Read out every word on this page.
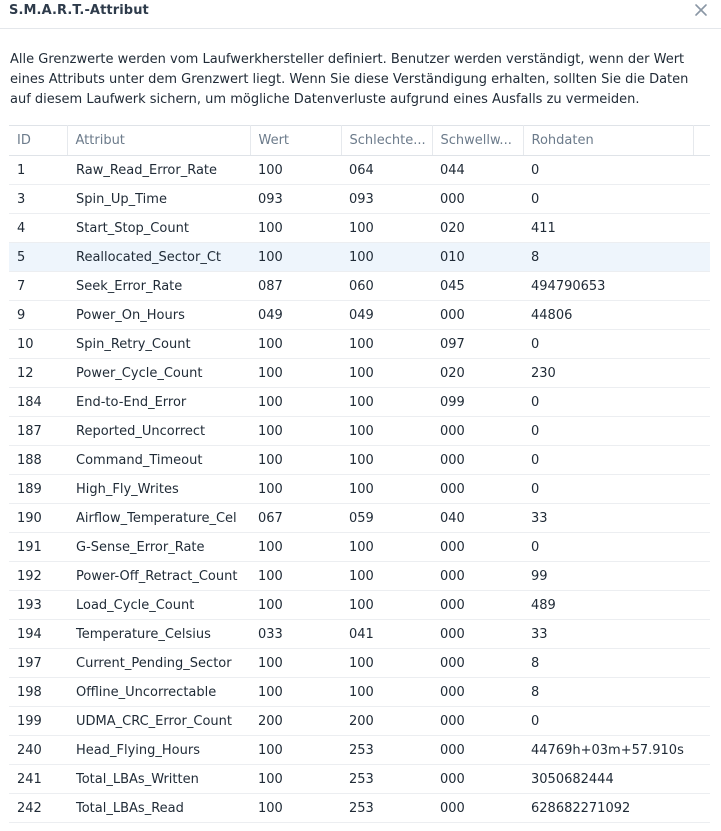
S.M.A.R.T.-Attribut
Alle Grenzwerte werden vom Laufwerkhersteller definiert. Benutzer werden verständigt, wenn der Wert eines Attributs unter dem Grenzwert liegt. Wenn Sie diese Verständigung erhalten, sollten Sie die Daten auf diesem Laufwerk sichern, um mögliche Datenverluste aufgrund eines Ausfalls zu vermeiden.
ID	Attribut	Wert	Schlechte...	Schwellw...	Rohdaten	
1	Raw_Read_Error_Rate	100	064	044	0	
3	Spin_Up_Time	093	093	000	0	
4	Start_Stop_Count	100	100	020	411	
5	Reallocated_Sector_Ct	100	100	010	8	
7	Seek_Error_Rate	087	060	045	494790653	
9	Power_On_Hours	049	049	000	44806	
10	Spin_Retry_Count	100	100	097	0	
12	Power_Cycle_Count	100	100	020	230	
184	End-to-End_Error	100	100	099	0	
187	Reported_Uncorrect	100	100	000	0	
188	Command_Timeout	100	100	000	0	
189	High_Fly_Writes	100	100	000	0	
190	Airflow_Temperature_Cel	067	059	040	33	
191	G-Sense_Error_Rate	100	100	000	0	
192	Power-Off_Retract_Count	100	100	000	99	
193	Load_Cycle_Count	100	100	000	489	
194	Temperature_Celsius	033	041	000	33	
197	Current_Pending_Sector	100	100	000	8	
198	Offline_Uncorrectable	100	100	000	8	
199	UDMA_CRC_Error_Count	200	200	000	0	
240	Head_Flying_Hours	100	253	000	44769h+03m+57.910s	
241	Total_LBAs_Written	100	253	000	3050682444	
242	Total_LBAs_Read	100	253	000	628682271092	
